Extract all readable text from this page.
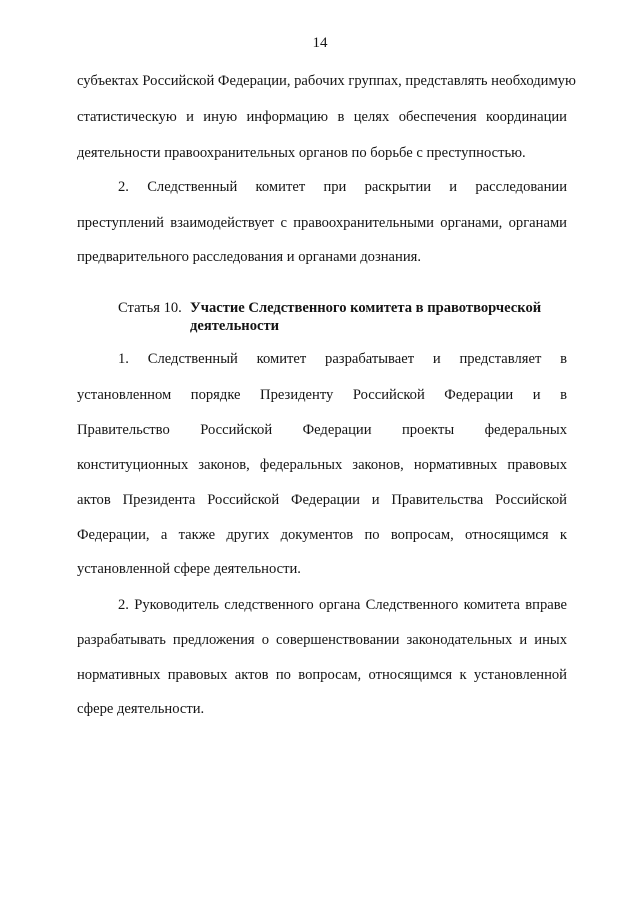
14
субъектах Российской Федерации, рабочих группах, представлять необходимую
статистическую и иную информацию в целях обеспечения координации
деятельности правоохранительных органов по борьбе с преступностью.
2. Следственный комитет при раскрытии и расследовании
преступлений взаимодействует с правоохранительными органами, органами
предварительного расследования и органами дознания.
Статья 10. Участие Следственного комитета в правотворческой
деятельности
1. Следственный комитет разрабатывает и представляет в
установленном порядке Президенту Российской Федерации и в
Правительство Российской Федерации проекты федеральных
конституционных законов, федеральных законов, нормативных правовых
актов Президента Российской Федерации и Правительства Российской
Федерации, а также других документов по вопросам, относящимся к
установленной сфере деятельности.
2. Руководитель следственного органа Следственного комитета вправе
разрабатывать предложения о совершенствовании законодательных и иных
нормативных правовых актов по вопросам, относящимся к установленной
сфере деятельности.
